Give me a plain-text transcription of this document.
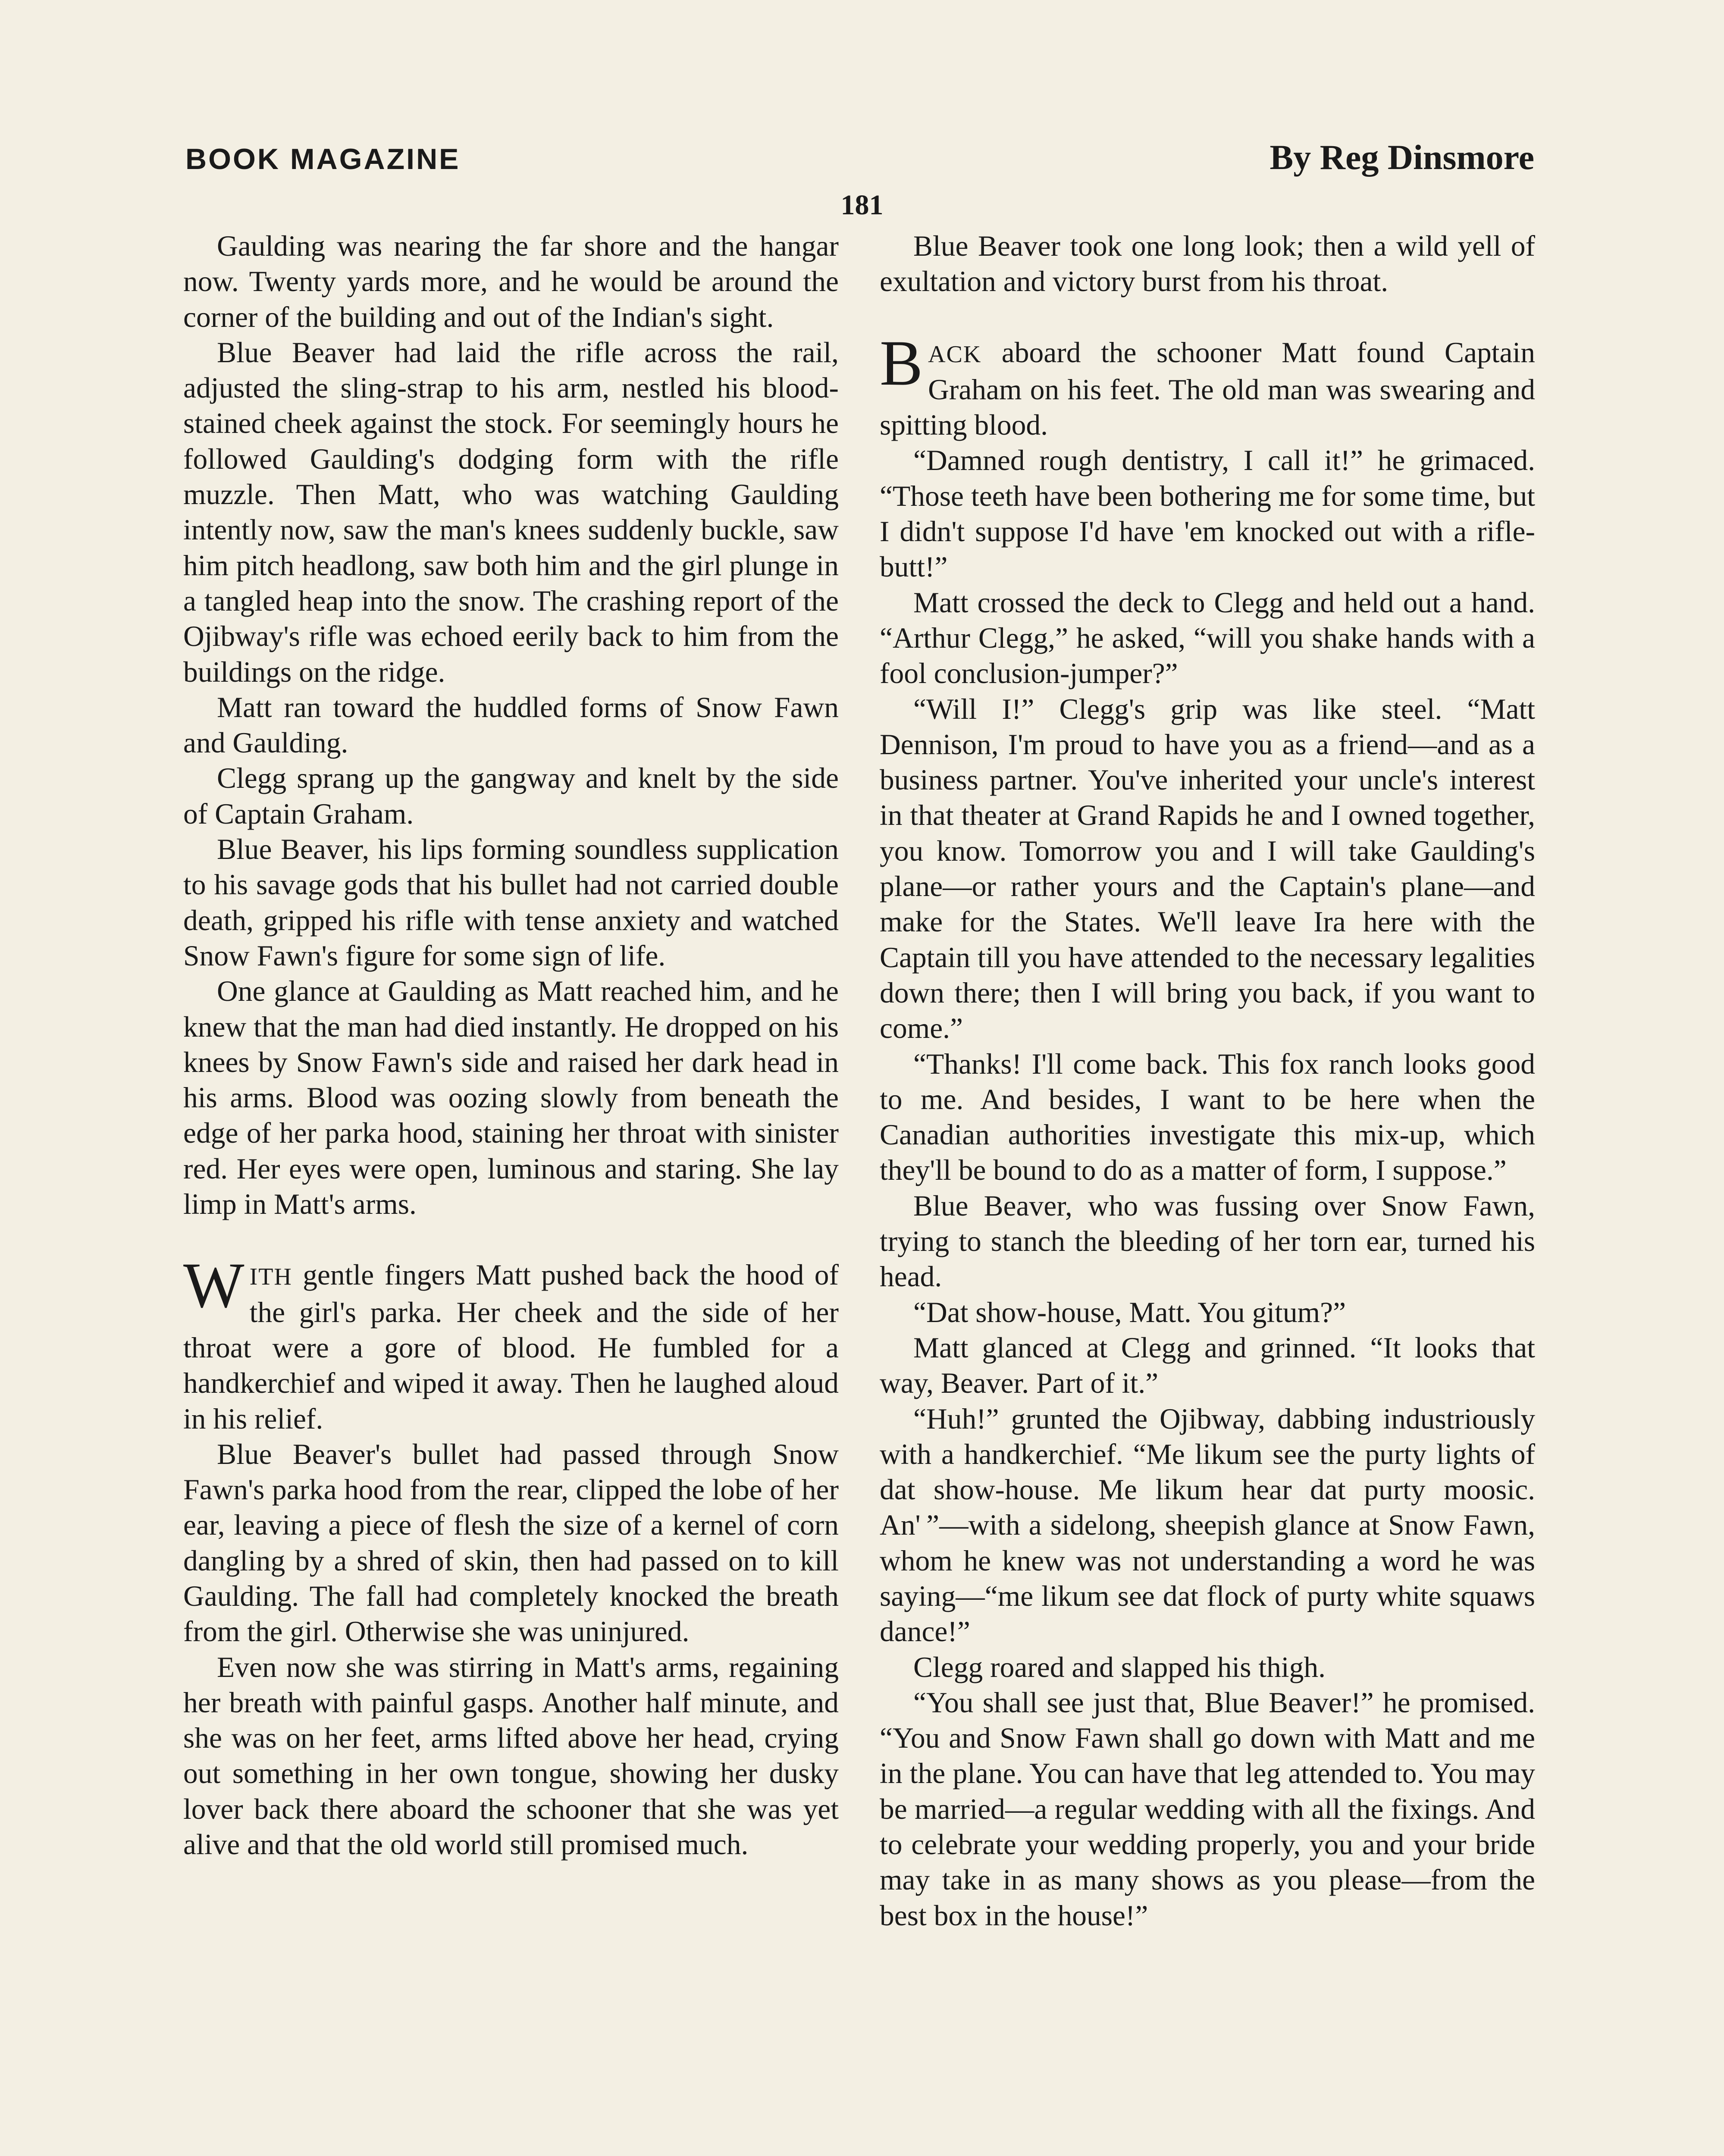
BOOK MAGAZINE	By Reg Dinsmore
181

Gaulding was nearing the far shore and the hangar now. Twenty yards more, and he would be around the corner of the building and out of the Indian's sight.

Blue Beaver had laid the rifle across the rail, adjusted the sling-strap to his arm, nestled his blood-stained cheek against the stock. For seemingly hours he followed Gaulding's dodging form with the rifle muzzle. Then Matt, who was watching Gaulding intently now, saw the man's knees suddenly buckle, saw him pitch headlong, saw both him and the girl plunge in a tangled heap into the snow. The crashing report of the Ojibway's rifle was echoed eerily back to him from the buildings on the ridge.

Matt ran toward the huddled forms of Snow Fawn and Gaulding.

Clegg sprang up the gangway and knelt by the side of Captain Graham.

Blue Beaver, his lips forming soundless supplication to his savage gods that his bullet had not carried double death, gripped his rifle with tense anxiety and watched Snow Fawn's figure for some sign of life.

One glance at Gaulding as Matt reached him, and he knew that the man had died instantly. He dropped on his knees by Snow Fawn's side and raised her dark head in his arms. Blood was oozing slowly from beneath the edge of her parka hood, staining her throat with sinister red. Her eyes were open, luminous and staring. She lay limp in Matt's arms.

WITH gentle fingers Matt pushed back the hood of the girl's parka. Her cheek and the side of her throat were a gore of blood. He fumbled for a handkerchief and wiped it away. Then he laughed aloud in his relief.

Blue Beaver's bullet had passed through Snow Fawn's parka hood from the rear, clipped the lobe of her ear, leaving a piece of flesh the size of a kernel of corn dangling by a shred of skin, then had passed on to kill Gaulding. The fall had completely knocked the breath from the girl. Otherwise she was uninjured.

Even now she was stirring in Matt's arms, regaining her breath with painful gasps. Another half minute, and she was on her feet, arms lifted above her head, crying out something in her own tongue, showing her dusky lover back there aboard the schooner that she was yet alive and that the old world still promised much.

Blue Beaver took one long look; then a wild yell of exultation and victory burst from his throat.

BACK aboard the schooner Matt found Captain Graham on his feet. The old man was swearing and spitting blood.

“Damned rough dentistry, I call it!” he grimaced. “Those teeth have been bothering me for some time, but I didn't suppose I'd have 'em knocked out with a rifle-butt!”

Matt crossed the deck to Clegg and held out a hand. “Arthur Clegg,” he asked, “will you shake hands with a fool conclusion-jumper?”

“Will I!” Clegg's grip was like steel. “Matt Dennison, I'm proud to have you as a friend—and as a business partner. You've inherited your uncle's interest in that theater at Grand Rapids he and I owned together, you know. Tomorrow you and I will take Gaulding's plane—or rather yours and the Captain's plane—and make for the States. We'll leave Ira here with the Captain till you have attended to the necessary legalities down there; then I will bring you back, if you want to come.”

“Thanks! I'll come back. This fox ranch looks good to me. And besides, I want to be here when the Canadian authorities investigate this mix-up, which they'll be bound to do as a matter of form, I suppose.”

Blue Beaver, who was fussing over Snow Fawn, trying to stanch the bleeding of her torn ear, turned his head.

“Dat show-house, Matt. You gitum?”

Matt glanced at Clegg and grinned. “It looks that way, Beaver. Part of it.”

“Huh!” grunted the Ojibway, dabbing industriously with a handkerchief. “Me likum see the purty lights of dat show-house. Me likum hear dat purty moosic. An' ”—with a sidelong, sheepish glance at Snow Fawn, whom he knew was not understanding a word he was saying—“me likum see dat flock of purty white squaws dance!”

Clegg roared and slapped his thigh.

“You shall see just that, Blue Beaver!” he promised. “You and Snow Fawn shall go down with Matt and me in the plane. You can have that leg attended to. You may be married—a regular wedding with all the fixings. And to celebrate your wedding properly, you and your bride may take in as many shows as you please—from the best box in the house!”
